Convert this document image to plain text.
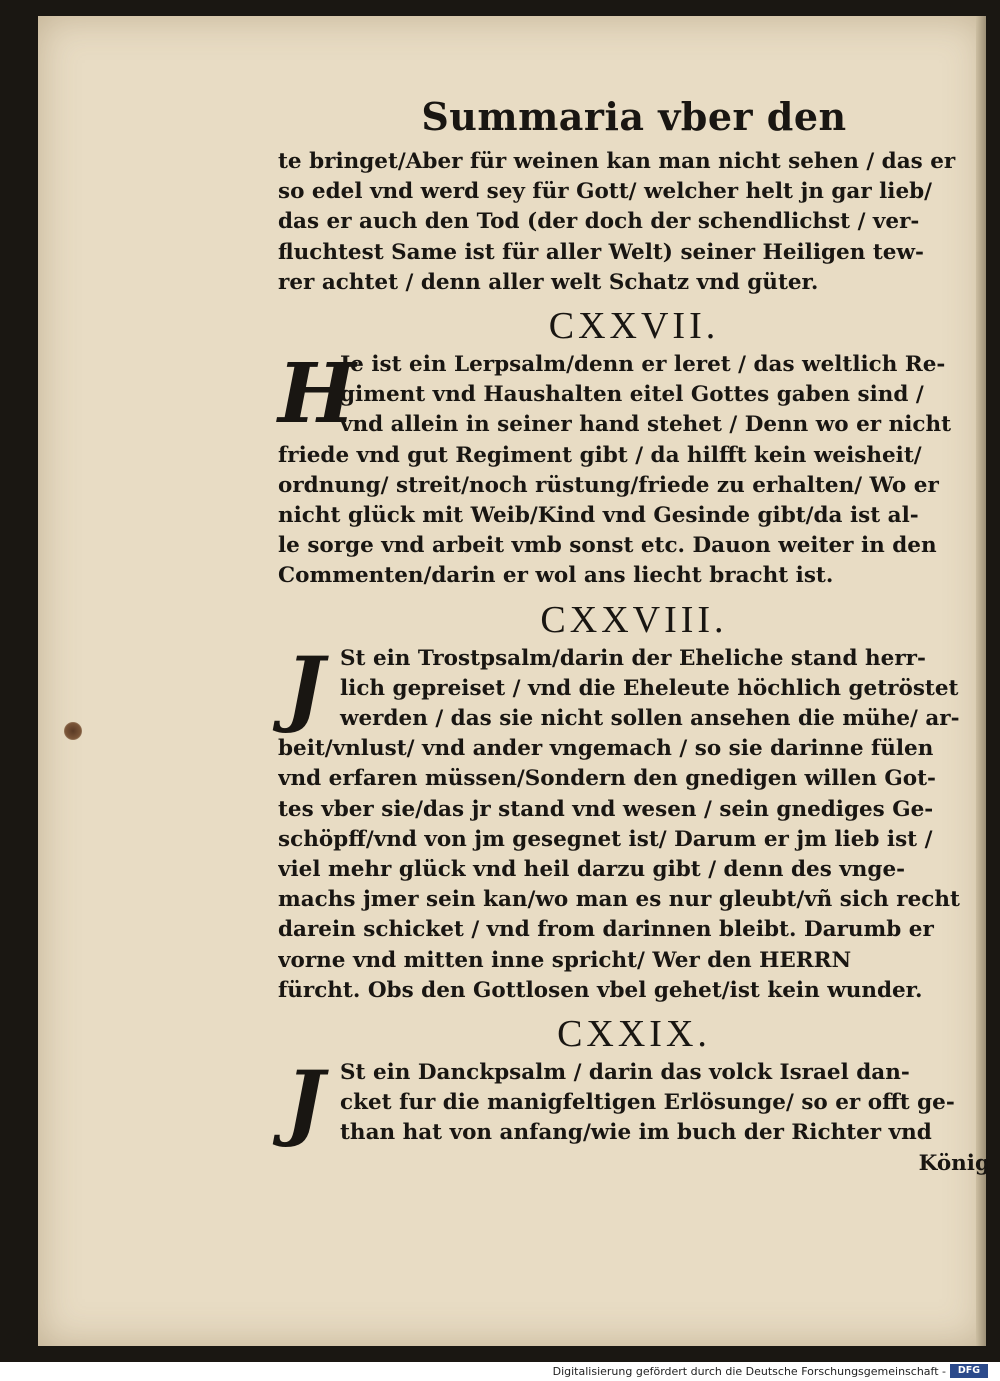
Summaria vber den
te bringet/Aber für weinen kan man nicht sehen / das er
so edel vnd werd sey für Gott/ welcher helt jn gar lieb/
das er auch den Tod (der doch der schendlichst / ver-
fluchtest Same ist für aller Welt) seiner Heiligen tew-
rer achtet / denn aller welt Schatz vnd güter.
CXXVII.
H
Je ist ein Lerpsalm/denn er leret / das weltlich Re-
giment vnd Haushalten eitel Gottes gaben sind /
vnd allein in seiner hand stehet / Denn wo er nicht
friede vnd gut Regiment gibt / da hilfft kein weisheit/
ordnung/ streit/noch rüstung/friede zu erhalten/ Wo er
nicht glück mit Weib/Kind vnd Gesinde gibt/da ist al-
le sorge vnd arbeit vmb sonst etc. Dauon weiter in den
Commenten/darin er wol ans liecht bracht ist.
CXXVIII.
J St ein Trostpsalm/darin der Eheliche stand herr-
lich gepreiset / vnd die Eheleute höchlich getröstet
werden / das sie nicht sollen ansehen die mühe/ ar-
beit/vnlust/ vnd ander vngemach / so sie darinne fülen
vnd erfaren müssen/Sondern den gnedigen willen Got-
tes vber sie/das jr stand vnd wesen / sein gnediges Ge-
schöpff/vnd von jm gesegnet ist/ Darum er jm lieb ist /
viel mehr glück vnd heil darzu gibt / denn des vnge-
machs jmer sein kan/wo man es nur gleubt/vñ sich recht
darein schicket / vnd from darinnen bleibt. Darumb er
vorne vnd mitten inne spricht/ Wer den HERRN
fürcht. Obs den Gottlosen vbel gehet/ist kein wunder.
CXXIX.
J St ein Danckpsalm / darin das volck Israel dan-
cket fur die manigfeltigen Erlösunge/ so er offt ge-
than hat von anfang/wie im buch der Richter vnd
König
Digitalisierung gefördert durch die Deutsche Forschungsgemeinschaft -	DFG
